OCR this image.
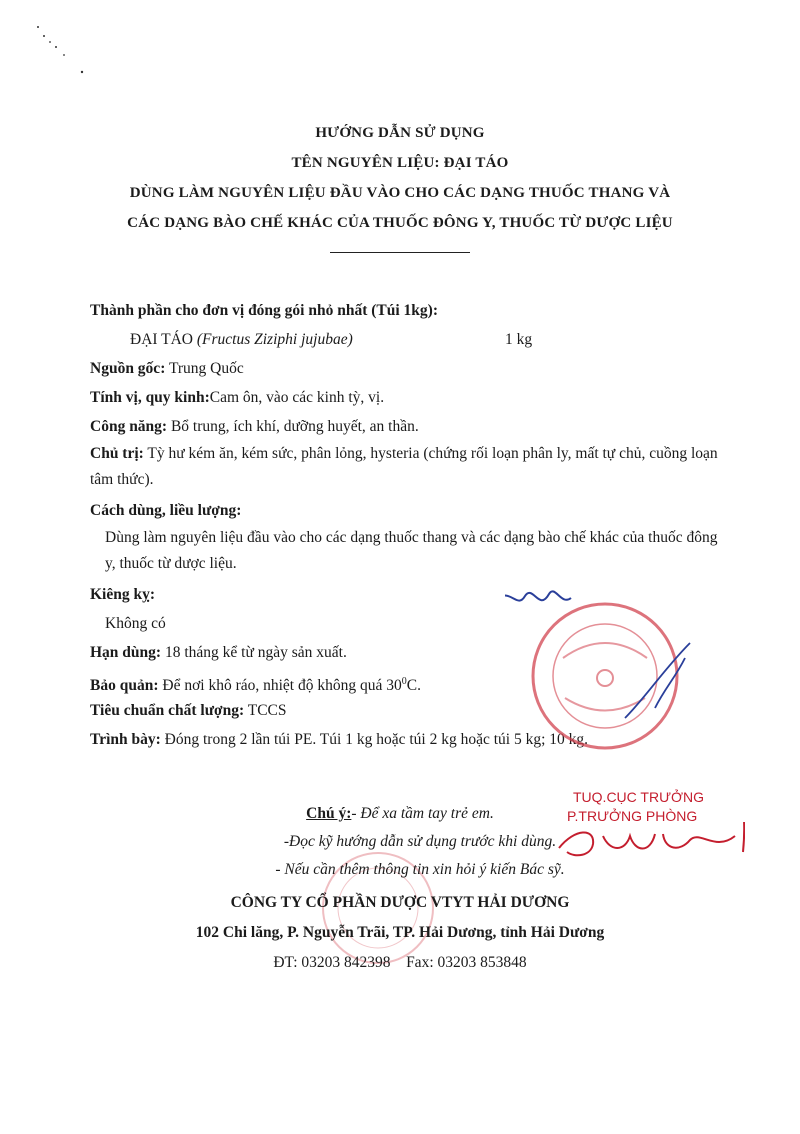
HƯỚNG DẪN SỬ DỤNG
TÊN NGUYÊN LIỆU: ĐẠI TÁO
DÙNG LÀM NGUYÊN LIỆU ĐẦU VÀO CHO CÁC DẠNG THUỐC THANG VÀ
CÁC DẠNG BÀO CHẾ KHÁC CỦA THUỐC ĐÔNG Y, THUỐC TỪ DƯỢC LIỆU
Thành phần cho đơn vị đóng gói nhỏ nhất (Túi 1kg):
ĐẠI TÁO (Fructus Ziziphi jujubae)	1 kg
Nguồn gốc: Trung Quốc
Tính vị, quy kinh:Cam ôn, vào các kinh tỳ, vị.
Công năng: Bổ trung, ích khí, dưỡng huyết, an thần.
Chủ trị: Tỳ hư kém ăn, kém sức, phân lỏng, hysteria (chứng rối loạn phân ly, mất tự chủ, cuồng loạn tâm thức).
Cách dùng, liều lượng:
Dùng làm nguyên liệu đầu vào cho các dạng thuốc thang và các dạng bào chế khác của thuốc đông y, thuốc từ dược liệu.
Kiêng kỵ:
Không có
Hạn dùng: 18 tháng kể từ ngày sản xuất.
Bảo quản: Để nơi khô ráo, nhiệt độ không quá $30^0C$.
Tiêu chuẩn chất lượng: TCCS
Trình bày: Đóng trong 2 lần túi PE. Túi 1 kg hoặc túi 2 kg hoặc túi 5 kg; 10 kg.
TUQ.CỤC TRƯỞNG
P.TRƯỞNG PHÒNG
Chú ý:- Để xa tầm tay trẻ em.
-Đọc kỹ hướng dẫn sử dụng trước khi dùng.
- Nếu cần thêm thông tin xin hỏi ý kiến Bác sỹ.
CÔNG TY CỔ PHẦN DƯỢC VTYT HẢI DƯƠNG
102 Chi lăng, P. Nguyễn Trãi, TP. Hải Dương, tỉnh Hải Dương
ĐT: 03203 842398 Fax: 03203 853848
